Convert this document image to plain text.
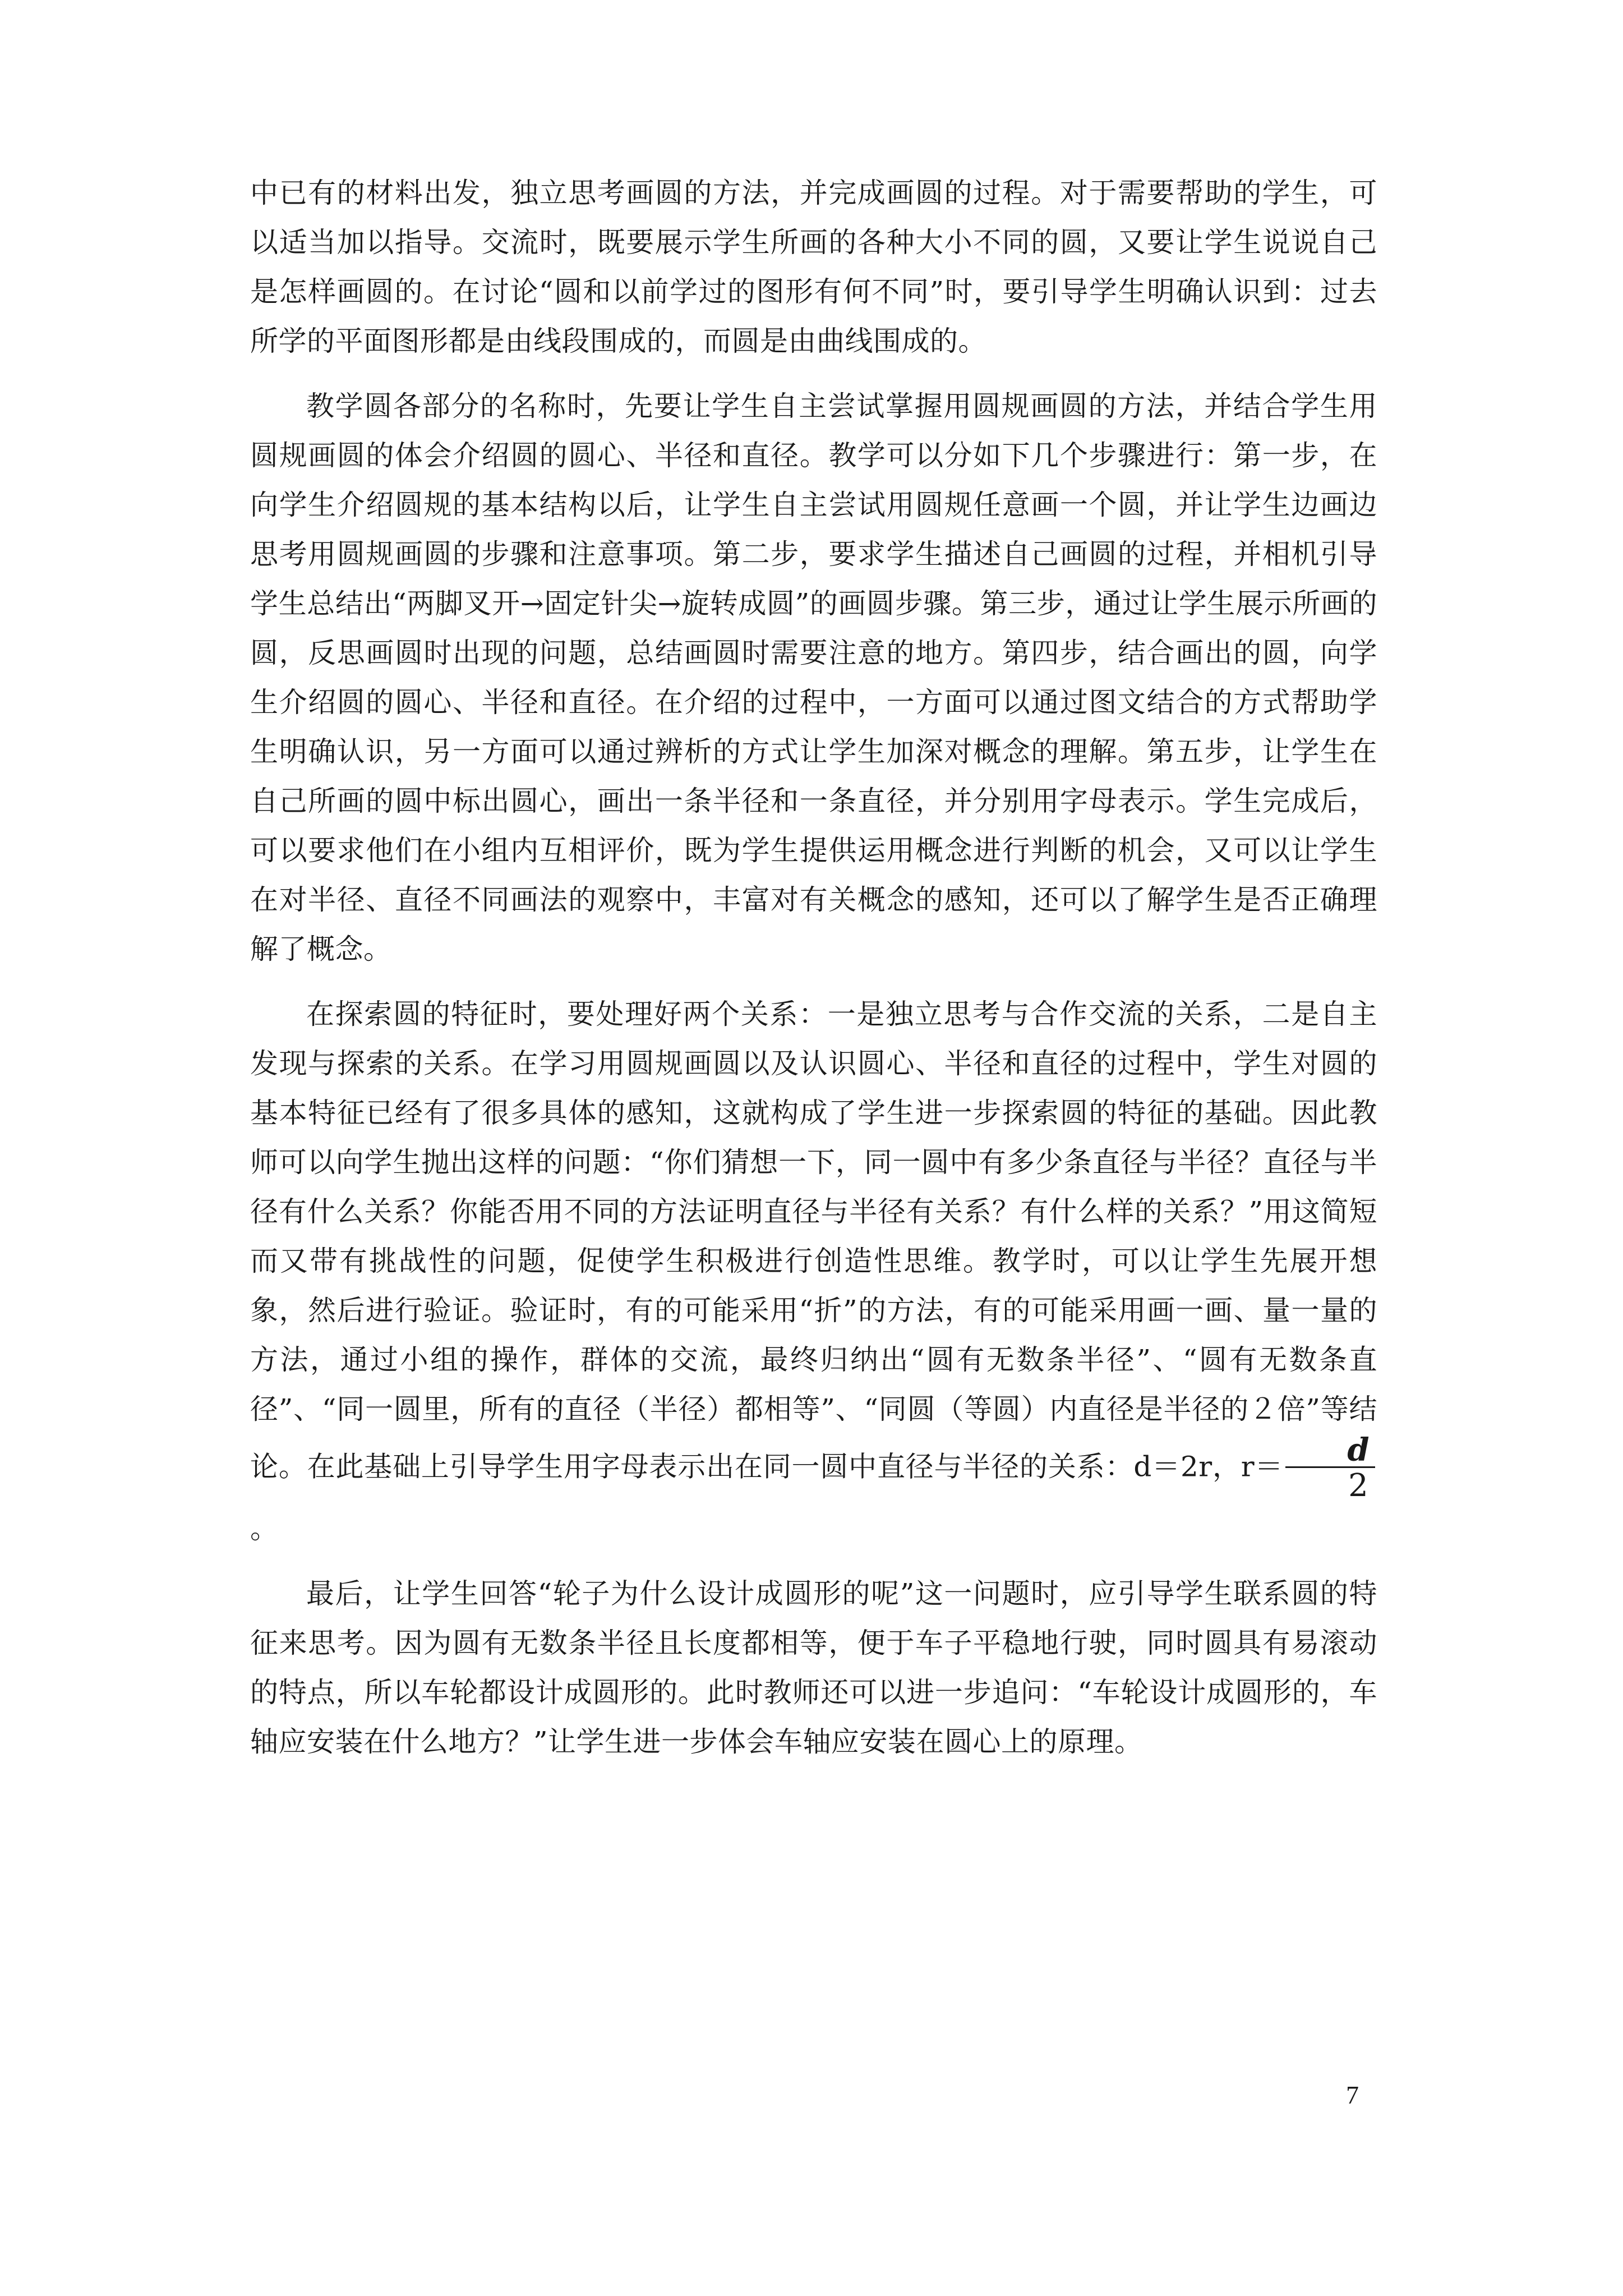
中已有的材料出发，独立思考画圆的方法，并完成画圆的过程。对于需要帮助的学生，可以适当加以指导。交流时，既要展示学生所画的各种大小不同的圆，又要让学生说说自己是怎样画圆的。在讨论“圆和以前学过的图形有何不同”时，要引导学生明确认识到：过去所学的平面图形都是由线段围成的，而圆是由曲线围成的。

教学圆各部分的名称时，先要让学生自主尝试掌握用圆规画圆的方法，并结合学生用圆规画圆的体会介绍圆的圆心、半径和直径。教学可以分如下几个步骤进行：第一步，在向学生介绍圆规的基本结构以后，让学生自主尝试用圆规任意画一个圆，并让学生边画边思考用圆规画圆的步骤和注意事项。第二步，要求学生描述自己画圆的过程，并相机引导学生总结出“两脚叉开→固定针尖→旋转成圆”的画圆步骤。第三步，通过让学生展示所画的圆，反思画圆时出现的问题，总结画圆时需要注意的地方。第四步，结合画出的圆，向学生介绍圆的圆心、半径和直径。在介绍的过程中，一方面可以通过图文结合的方式帮助学生明确认识，另一方面可以通过辨析的方式让学生加深对概念的理解。第五步，让学生在自己所画的圆中标出圆心，画出一条半径和一条直径，并分别用字母表示。学生完成后，可以要求他们在小组内互相评价，既为学生提供运用概念进行判断的机会，又可以让学生在对半径、直径不同画法的观察中，丰富对有关概念的感知，还可以了解学生是否正确理解了概念。

在探索圆的特征时，要处理好两个关系：一是独立思考与合作交流的关系，二是自主发现与探索的关系。在学习用圆规画圆以及认识圆心、半径和直径的过程中，学生对圆的基本特征已经有了很多具体的感知，这就构成了学生进一步探索圆的特征的基础。因此教师可以向学生抛出这样的问题：“你们猜想一下，同一圆中有多少条直径与半径？直径与半径有什么关系？你能否用不同的方法证明直径与半径有关系？有什么样的关系？”用这简短而又带有挑战性的问题，促使学生积极进行创造性思维。教学时，可以让学生先展开想象，然后进行验证。验证时，有的可能采用“折”的方法，有的可能采用画一画、量一量的方法，通过小组的操作，群体的交流，最终归纳出“圆有无数条半径”、“圆有无数条直径”、“同一圆里，所有的直径（半径）都相等”、“同圆（等圆）内直径是半径的２倍”等结论。在此基础上引导学生用字母表示出在同一圆中直径与半径的关系：d＝2r，$r= \frac{d}{2}$
。

最后，让学生回答“轮子为什么设计成圆形的呢”这一问题时，应引导学生联系圆的特征来思考。因为圆有无数条半径且长度都相等，便于车子平稳地行驶，同时圆具有易滚动的特点，所以车轮都设计成圆形的。此时教师还可以进一步追问：“车轮设计成圆形的，车轴应安装在什么地方？”让学生进一步体会车轴应安装在圆心上的原理。

7
